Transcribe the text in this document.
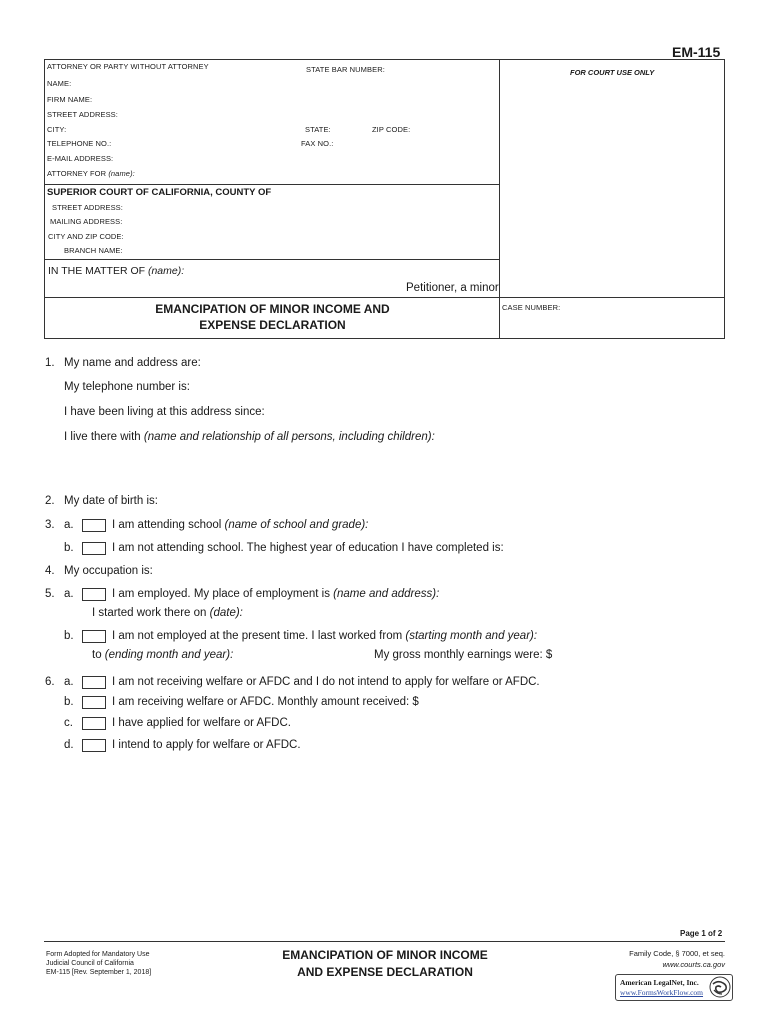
EM-115
ATTORNEY OR PARTY WITHOUT ATTORNEY	STATE BAR NUMBER:	FOR COURT USE ONLY
NAME:
FIRM NAME:
STREET ADDRESS:
CITY:	STATE:	ZIP CODE:
TELEPHONE NO.:	FAX NO.:
E-MAIL ADDRESS:
ATTORNEY FOR (name):
SUPERIOR COURT OF CALIFORNIA, COUNTY OF
STREET ADDRESS:
MAILING ADDRESS:
CITY AND ZIP CODE:
BRANCH NAME:
IN THE MATTER OF (name):
Petitioner, a minor
EMANCIPATION OF MINOR INCOME AND
EXPENSE DECLARATION
CASE NUMBER:
1. My name and address are:
My telephone number is:
I have been living at this address since:
I live there with (name and relationship of all persons, including children):
2. My date of birth is:
3. a.	I am attending school (name of school and grade):
b.	I am not attending school. The highest year of education I have completed is:
4. My occupation is:
5. a.	I am employed. My place of employment is (name and address):
I started work there on (date):
b.	I am not employed at the present time. I last worked from (starting month and year):
to (ending month and year):	My gross monthly earnings were: $
6. a.	I am not receiving welfare or AFDC and I do not intend to apply for welfare or AFDC.
b.	I am receiving welfare or AFDC. Monthly amount received: $
c.	I have applied for welfare or AFDC.
d.	I intend to apply for welfare or AFDC.
Page 1 of 2
Form Adopted for Mandatory Use
Judicial Council of California
EM-115 [Rev. September 1, 2018]
EMANCIPATION OF MINOR INCOME
AND EXPENSE DECLARATION
Family Code, § 7000, et seq.
www.courts.ca.gov
American LegalNet, Inc.
www.FormsWorkFlow.com
